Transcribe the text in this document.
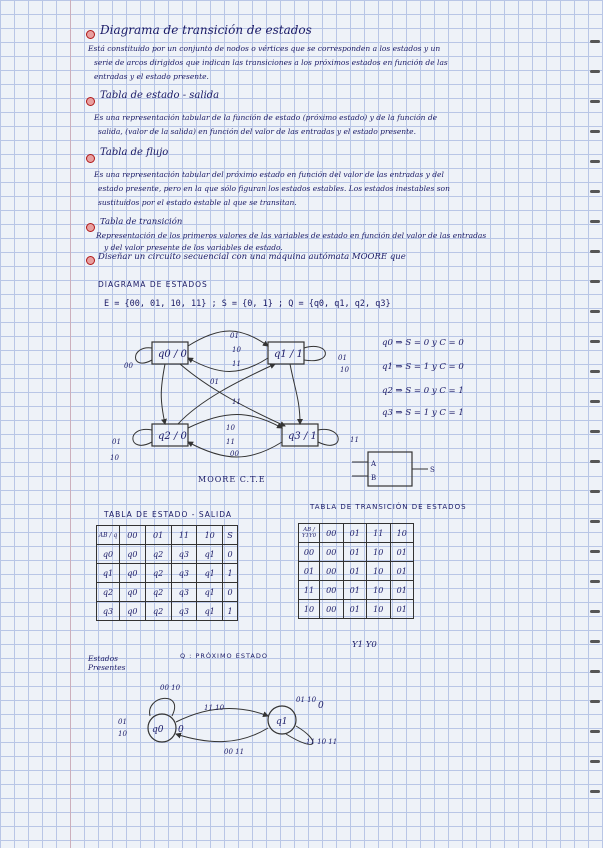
Diagrama de transición de estados
Está constituido por un conjunto de nodos o vértices que se corresponden a los estados y un
serie de arcos dirigidos que indican las transiciones a los próximos estados en función de las
entradas y el estado presente.
Tabla de estado - salida
Es una representación tabular de la función de estado (próximo estado) y de la función de
salida, (valor de la salida) en función del valor de las entradas y el estado presente.
Tabla de flujo
Es una representación tabular del próximo estado en función del valor de las entradas y del
estado presente, pero en la que sólo figuran los estados estables. Los estados inestables son
sustituidos por el estado estable al que se transitan.
Tabla de transición
Representación de los primeros valores de las variables de estado en función del valor de las entradas
y del valor presente de los variables de estado.
Diseñar un circuito secuencial con una máquina autómata MOORE que
DIAGRAMA DE ESTADOS
E = {00, 01, 10, 11} ; S = {0, 1} ; Q = {q0, q1, q2, q3}
q0 / 0	q1 / 1
q2 / 0	q3 / 1
00
01
10
11
01
10
01
11
10
11
01
00
10
11
MOORE C.T.E
A
B
S
q0 0
q1
0
00 10
11 10
00 11
01 10
11 10 11
01
10
q0 ⇒ S = 0 y C = 0
q1 ⇒ S = 1 y C = 0
q2 ⇒ S = 0 y C = 1
q3 ⇒ S = 1 y C = 1
TABLA DE ESTADO - SALIDA
AB / q	00	01	11	10	S
q0	q0	q2	q3	q1	0
q1	q0	q2	q3	q1	1
q2	q0	q2	q3	q1	0
q3	q0	q2	q3	q1	1
Estados Presentes
Q : PRÓXIMO ESTADO
TABLA DE TRANSICIÓN DE ESTADOS
AB / Y1Y0	00	01	11	10
00	00	01	10	01
01	00	01	10	01
11	00	01	10	01
10	00	01	10	01
Y1 Y0
